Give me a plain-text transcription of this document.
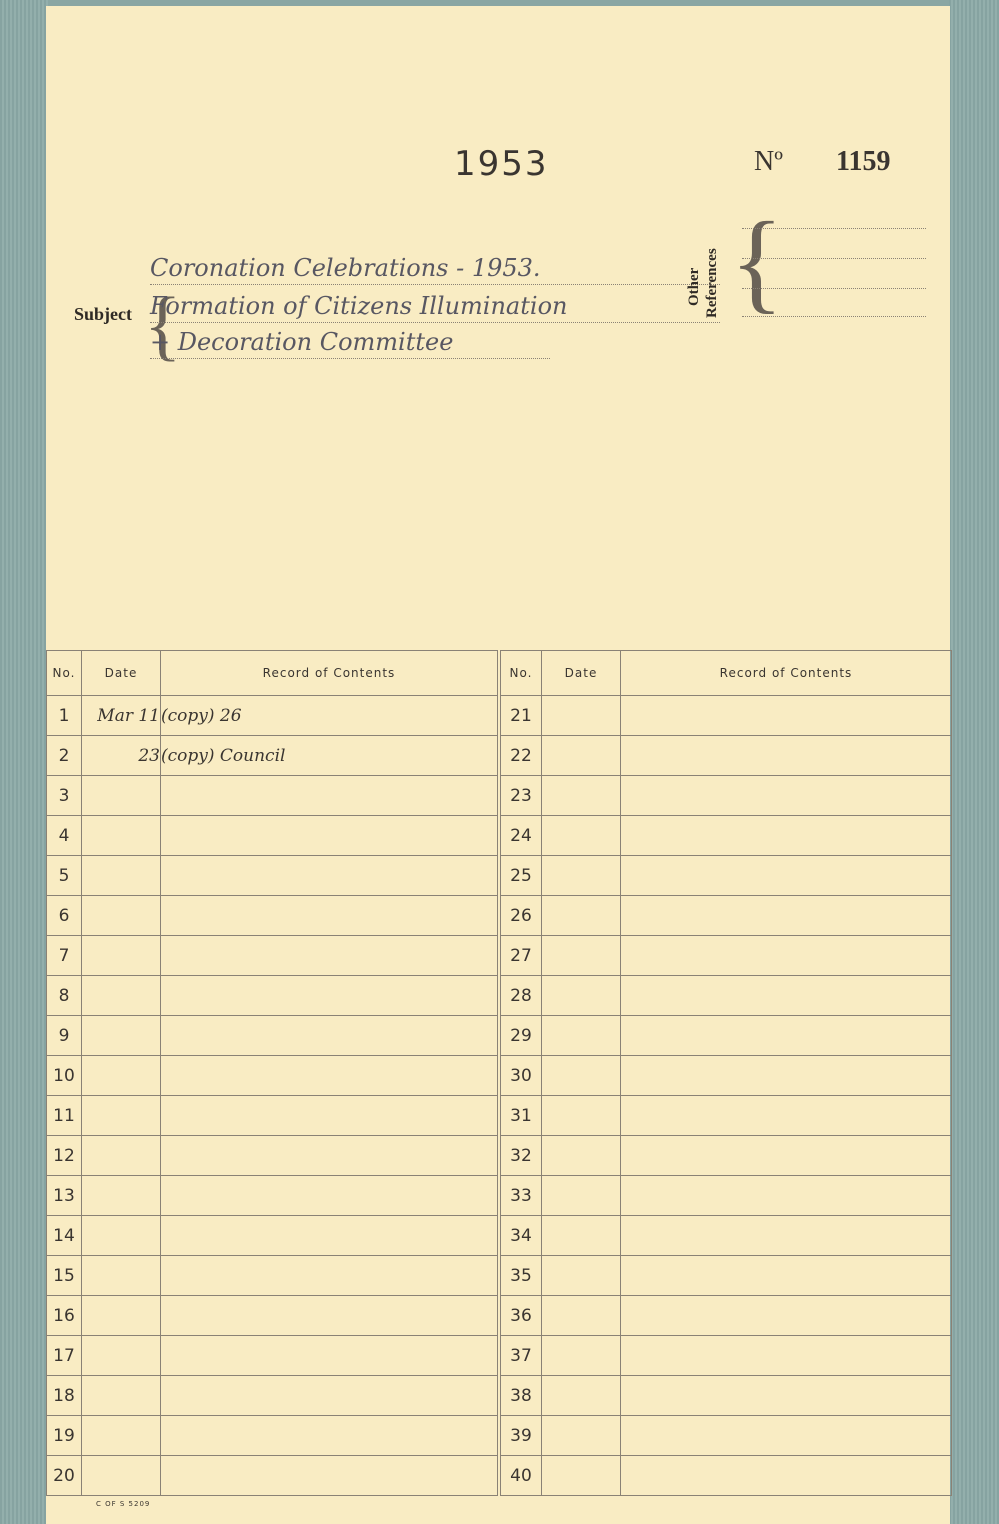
1953	Nº 1159
Subject {
Coronation Celebrations - 1953.
Formation of Citizens Illumination
+ Decoration Committee
Other References {
No.	Date	Record of Contents		No.	Date	Record of Contents
1	Mar 11	(copy) 26		21		
2	23	(copy) Council		22		
3				23		
4				24		
5				25		
6				26		
7				27		
8				28		
9				29		
10				30		
11				31		
12				32		
13				33		
14				34		
15				35		
16				36		
17				37		
18				38		
19				39		
20				40		
C OF S 5209
